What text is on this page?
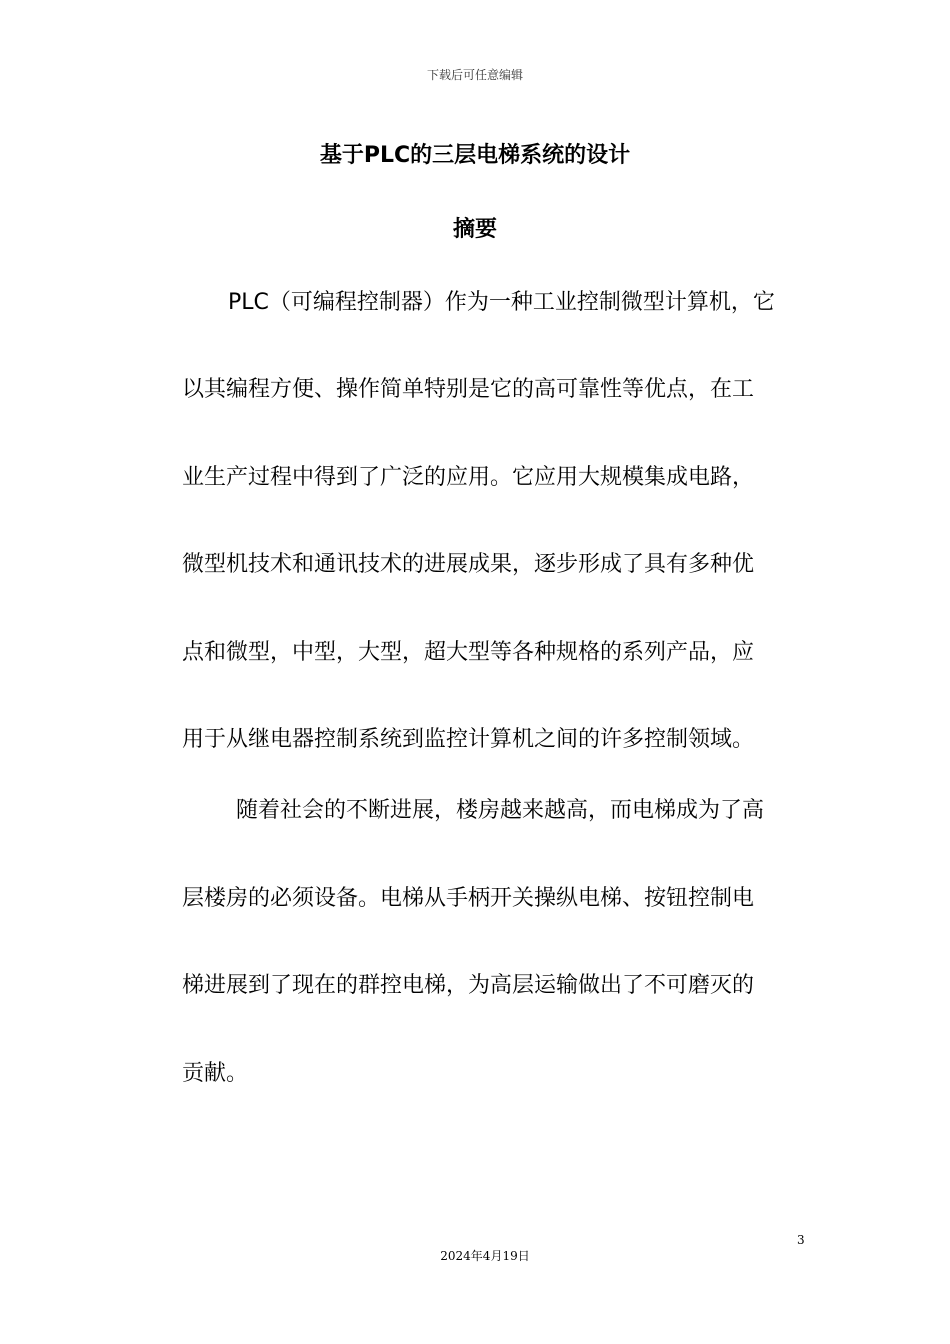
下载后可任意编辑
基于PLC的三层电梯系统的设计
摘要

PLC（可编程控制器）作为一种工业控制微型计算机，它

以其编程方便、操作简单特别是它的高可靠性等优点，在工

业生产过程中得到了广泛的应用。它应用大规模集成电路，

微型机技术和通讯技术的进展成果，逐步形成了具有多种优

点和微型，中型，大型，超大型等各种规格的系列产品，应

用于从继电器控制系统到监控计算机之间的许多控制领域。

随着社会的不断进展，楼房越来越高，而电梯成为了高

层楼房的必须设备。电梯从手柄开关操纵电梯、按钮控制电

梯进展到了现在的群控电梯，为高层运输做出了不可磨灭的

贡献。

3
2024年4月19日
